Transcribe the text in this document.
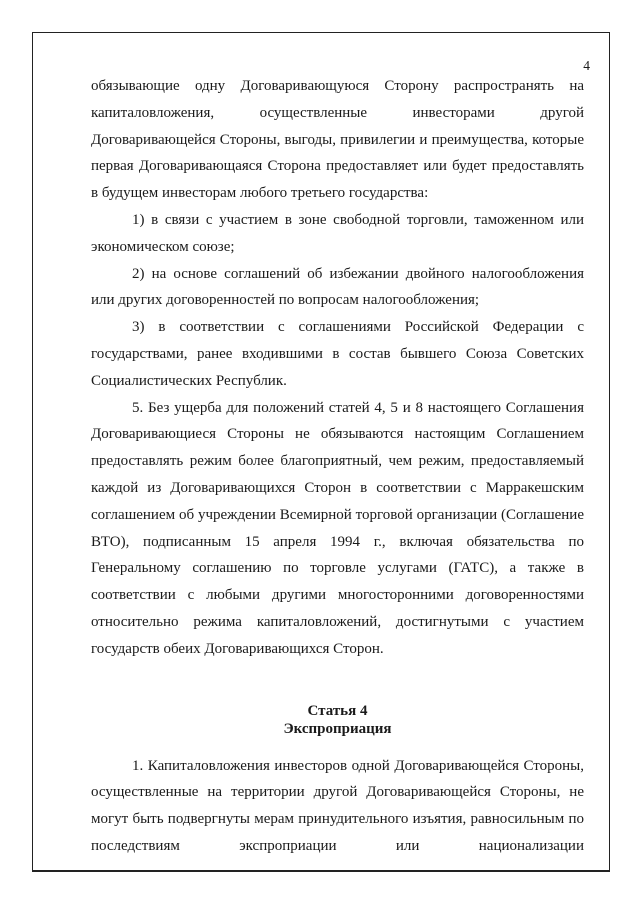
4

обязывающие одну Договаривающуюся Сторону распространять на капиталовложения, осуществленные инвесторами другой Договаривающейся Стороны, выгоды, привилегии и преимущества, которые первая Договаривающаяся Сторона предоставляет или будет предоставлять в будущем инвесторам любого третьего государства:

1) в связи с участием в зоне свободной торговли, таможенном или экономическом союзе;

2) на основе соглашений об избежании двойного налогообложения или других договоренностей по вопросам налогообложения;

3) в соответствии с соглашениями Российской Федерации с государствами, ранее входившими в состав бывшего Союза Советских Социалистических Республик.

5. Без ущерба для положений статей 4, 5 и 8 настоящего Соглашения Договаривающиеся Стороны не обязываются настоящим Соглашением предоставлять режим более благоприятный, чем режим, предоставляемый каждой из Договаривающихся Сторон в соответствии с Марракешским соглашением об учреждении Всемирной торговой организации (Соглашение ВТО), подписанным 15 апреля 1994 г., включая обязательства по Генеральному соглашению по торговле услугами (ГАТС), а также в соответствии с любыми другими многосторонними договоренностями относительно режима капиталовложений, достигнутыми с участием государств обеих Договаривающихся Сторон.

Статья 4
Экспроприация

1. Капиталовложения инвесторов одной Договаривающейся Стороны, осуществленные на территории другой Договаривающейся Стороны, не могут быть подвергнуты мерам принудительного изъятия, равносильным по последствиям экспроприации или национализации
